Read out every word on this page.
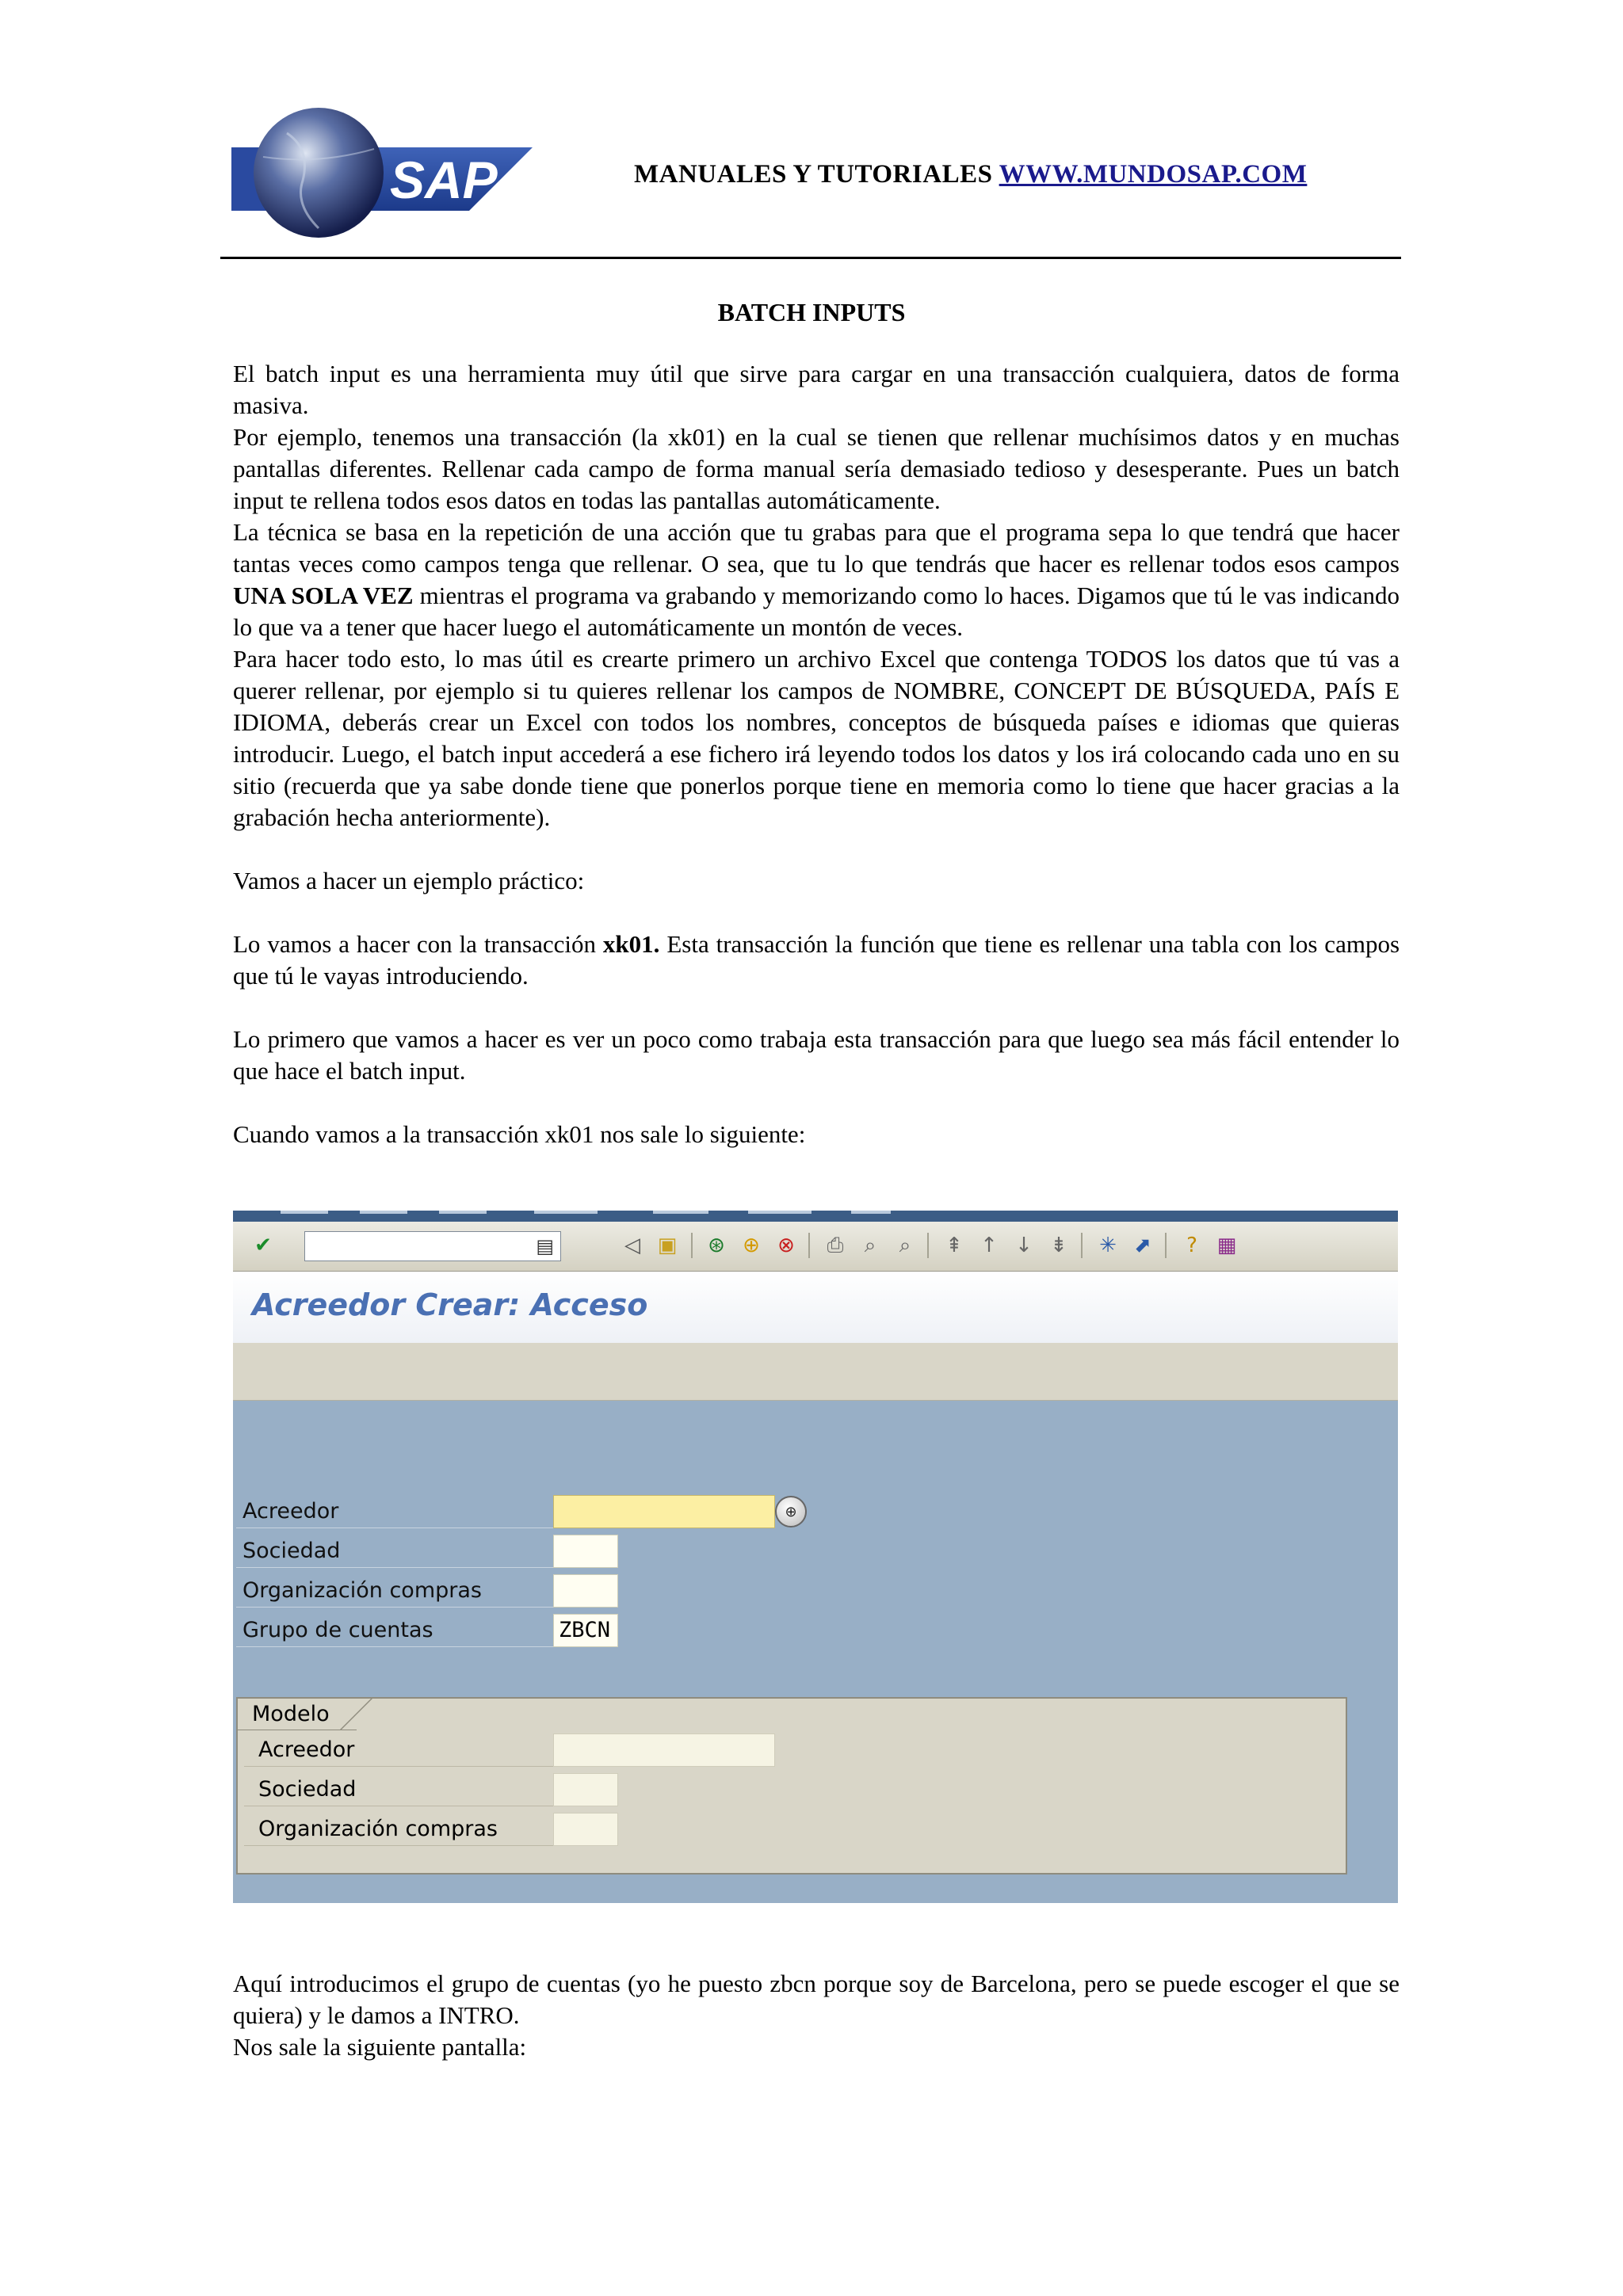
SAP	MANUALES Y TUTORIALES WWW.MUNDOSAP.COM
BATCH INPUTS

El batch input es una herramienta muy útil que sirve para cargar en una transacción cualquiera, datos de forma masiva.

Por ejemplo, tenemos una transacción (la xk01) en la cual se tienen que rellenar muchísimos datos y en muchas pantallas diferentes. Rellenar cada campo de forma manual sería demasiado tedioso y desesperante. Pues un batch input te rellena todos esos datos en todas las pantallas automáticamente.

La técnica se basa en la repetición de una acción que tu grabas para que el programa sepa lo que tendrá que hacer tantas veces como campos tenga que rellenar. O sea, que tu lo que tendrás que hacer es rellenar todos esos campos UNA SOLA VEZ mientras el programa va grabando y memorizando como lo haces. Digamos que tú le vas indicando lo que va a tener que hacer luego el automáticamente un montón de veces.

Para hacer todo esto, lo mas útil es crearte primero un archivo Excel que contenga TODOS los datos que tú vas a querer rellenar, por ejemplo si tu quieres rellenar los campos de NOMBRE, CONCEPT DE BÚSQUEDA, PAÍS E IDIOMA, deberás crear un Excel con todos los nombres, conceptos de búsqueda países e idiomas que quieras introducir. Luego, el batch input accederá a ese fichero irá leyendo todos los datos y los irá colocando cada uno en su sitio (recuerda que ya sabe donde tiene que ponerlos porque tiene en memoria como lo tiene que hacer gracias a la grabación hecha anteriormente).

Vamos a hacer un ejemplo práctico:

Lo vamos a hacer con la transacción xk01. Esta transacción la función que tiene es rellenar una tabla con los campos que tú le vayas introduciendo.

Lo primero que vamos a hacer es ver un poco como trabaja esta transacción para que luego sea más fácil entender lo que hace el batch input.

Cuando vamos a la transacción xk01 nos sale lo siguiente:

✔	▤	◁ ▣ ⊛ ⊕ ⊗ ⎙	⌕	⌕	⇞ ↑ ↓ ⇟ ✳ ⬈	? ▦
Acreedor Crear: Acceso
Acreedor	⊕
Sociedad
Organización compras
Grupo de cuentas	ZBCN
Modelo
Acreedor
Sociedad
Organización compras

Aquí introducimos el grupo de cuentas (yo he puesto zbcn porque soy de Barcelona, pero se puede escoger el que se quiera) y le damos a INTRO.

Nos sale la siguiente pantalla:
